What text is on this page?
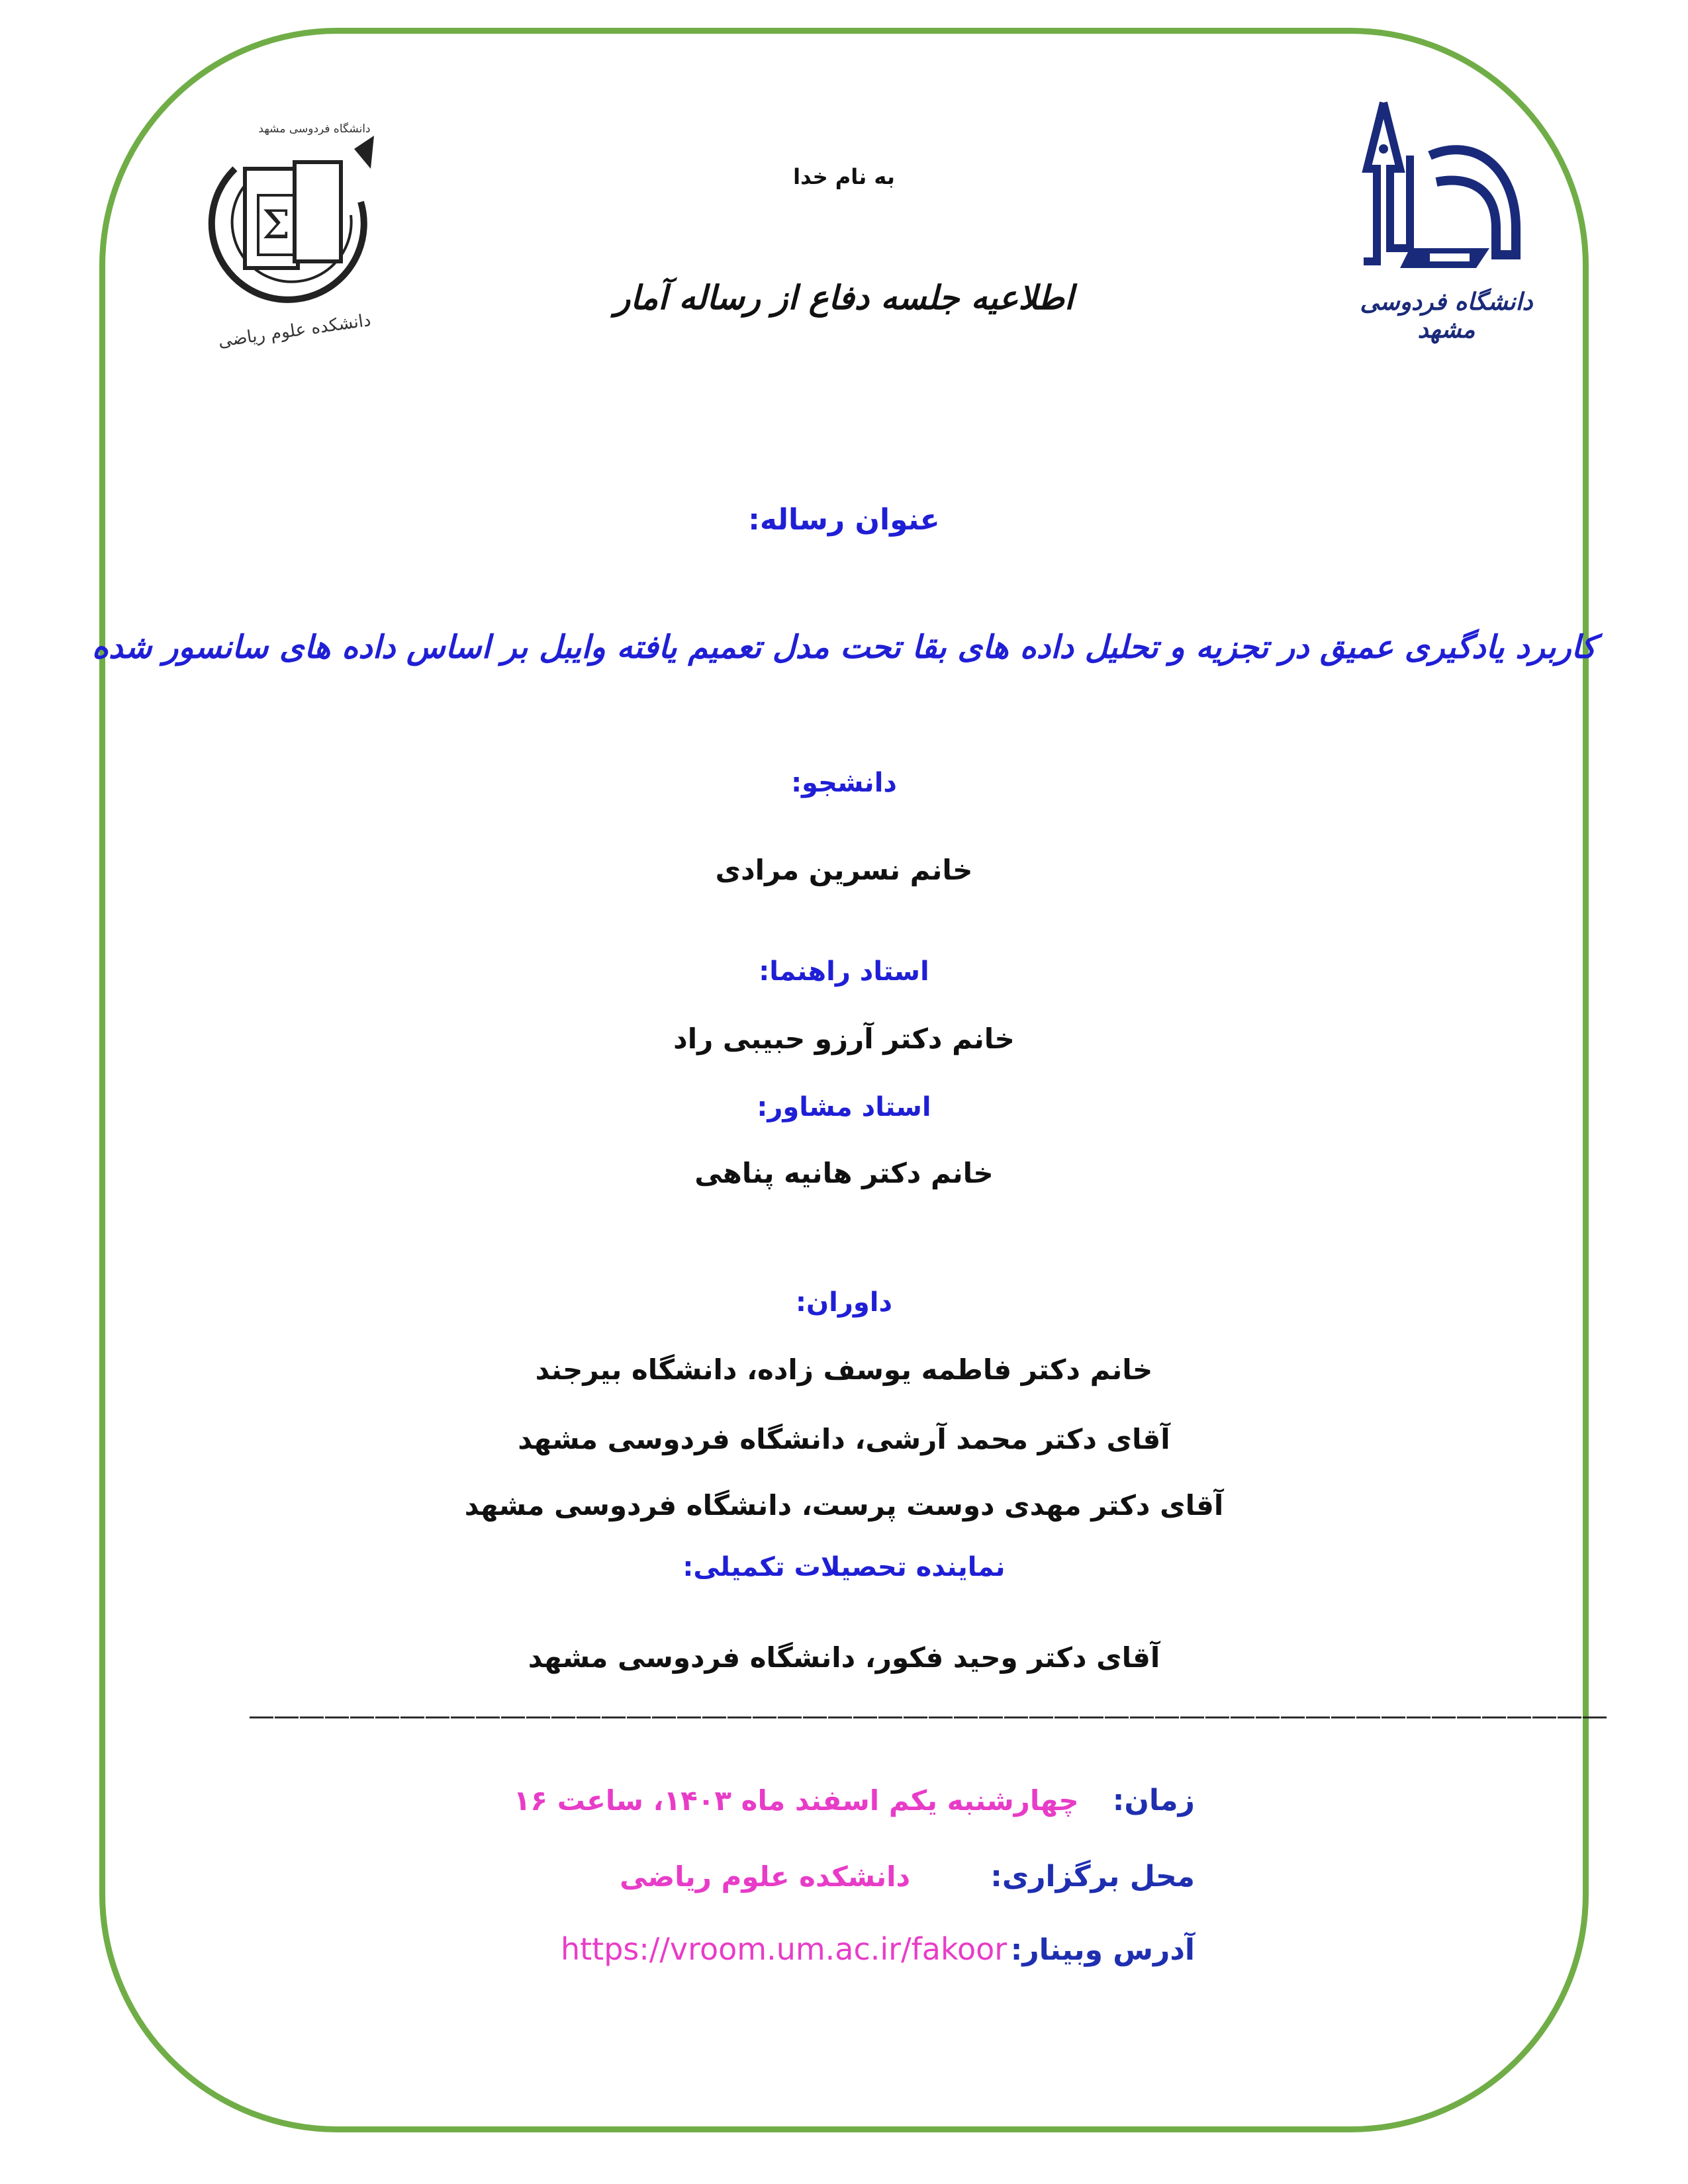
Σ
دانشگاه فردوسی مشهد
دانشکده علوم ریاضی
دانشگاه فردوسی مشهد
به نام خدا
اطلاعیه جلسه دفاع از رساله آمار
عنوان رساله:
کاربرد یادگیری عمیق در تجزیه و تحلیل داده های بقا تحت مدل تعمیم یافته وایبل بر اساس داده های سانسور شده
دانشجو:
خانم نسرین مرادی
استاد راهنما:
خانم دکتر آرزو حبیبی راد
استاد مشاور:
خانم دکتر هانیه پناهی
داوران:
خانم دکتر فاطمه یوسف زاده، دانشگاه بیرجند
آقای دکتر محمد آرشی، دانشگاه فردوسی مشهد
آقای دکتر مهدی دوست پرست، دانشگاه فردوسی مشهد
نماینده تحصیلات تکمیلی:
آقای دکتر وحید فکور، دانشگاه فردوسی مشهد
——————————————————————————————————————————————————————
زمان:  چهارشنبه یکم اسفند ماه ۱۴۰۳، ساعت ۱۶
محل برگزاری:  دانشکده علوم ریاضی
آدرس وبینار: https://vroom.um.ac.ir/fakoor
